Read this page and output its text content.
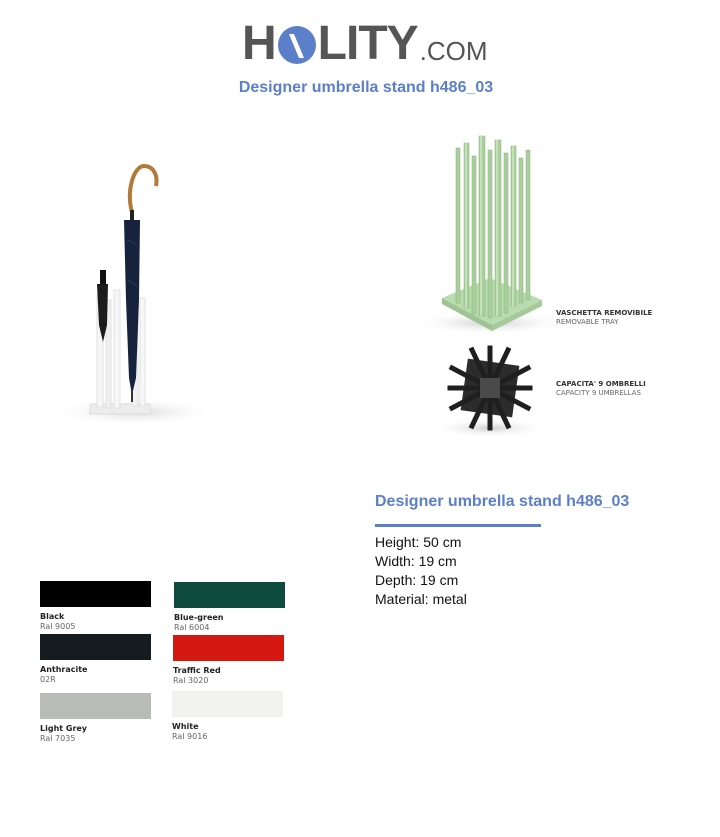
H LITY .COM
Designer umbrella stand h486_03
VASCHETTA REMOVIBILE
REMOVABLE TRAY
CAPACITA' 9 OMBRELLI
CAPACITY 9 UMBRELLAS
Black
Ral 9005
Blue-green
Ral 6004
Anthracite
02R
Traffic Red
Ral 3020
Light Grey
Ral 7035
White
Ral 9016
Designer umbrella stand h486_03
Height: 50 cm
Width: 19 cm
Depth: 19 cm
Material: metal
